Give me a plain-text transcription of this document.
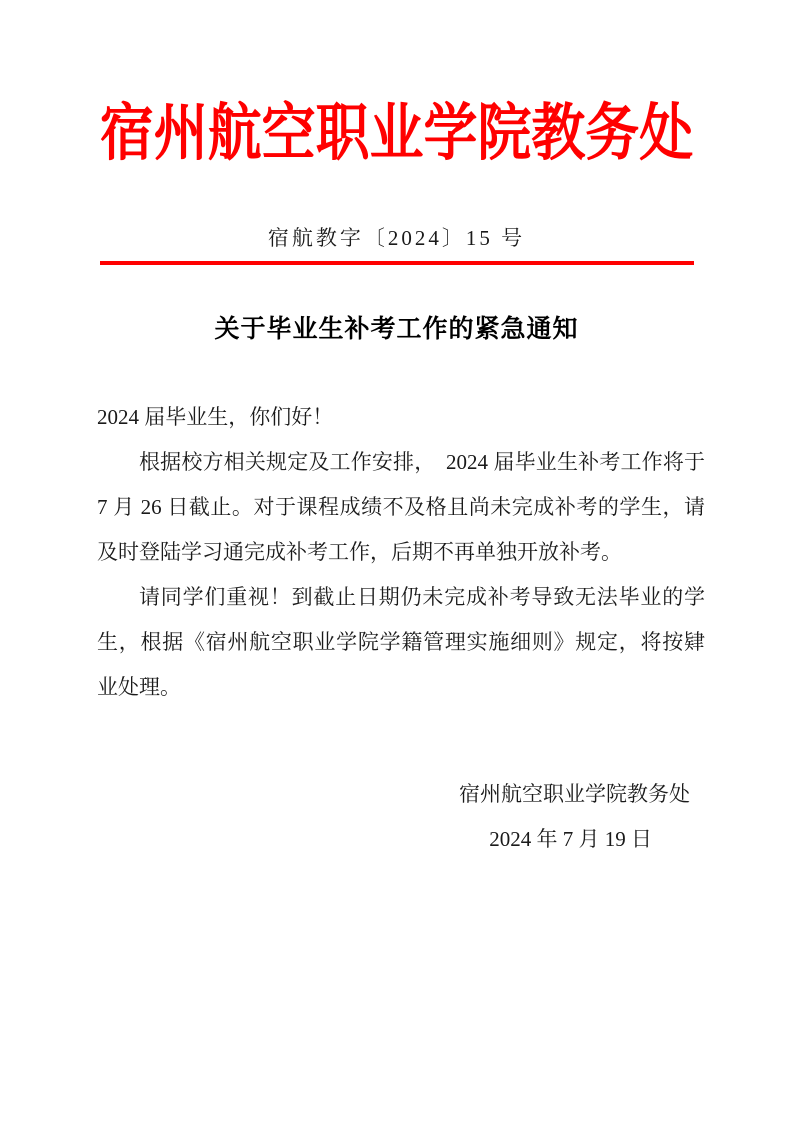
宿州航空职业学院教务处
宿航教字〔2024〕15 号
关于毕业生补考工作的紧急通知

2024 届毕业生，你们好！

根据校方相关规定及工作安排，　2024 届毕业生补考工作将于 7 月 26 日截止。对于课程成绩不及格且尚未完成补考的学生，请及时登陆学习通完成补考工作，后期不再单独开放补考。

请同学们重视！到截止日期仍未完成补考导致无法毕业的学生，根据《宿州航空职业学院学籍管理实施细则》规定，将按肄业处理。

宿州航空职业学院教务处
2024 年 7 月 19 日
